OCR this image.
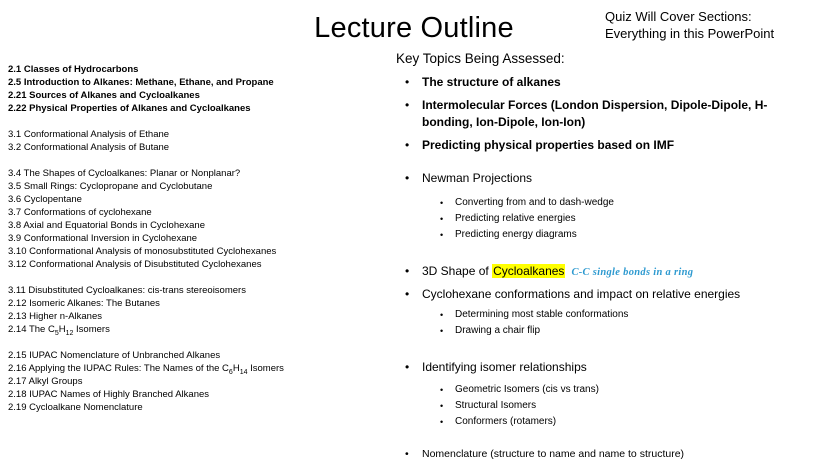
Lecture Outline	Quiz Will Cover Sections:
Everything in this PowerPoint
2.1 Classes of Hydrocarbons
2.5 Introduction to Alkanes: Methane, Ethane, and Propane
2.21 Sources of Alkanes and Cycloalkanes
2.22 Physical Properties of Alkanes and Cycloalkanes
3.1 Conformational Analysis of Ethane
3.2 Conformational Analysis of Butane
3.4 The Shapes of Cycloalkanes: Planar or Nonplanar?
3.5 Small Rings: Cyclopropane and Cyclobutane
3.6 Cyclopentane
3.7 Conformations of cyclohexane
3.8 Axial and Equatorial Bonds in Cyclohexane
3.9 Conformational Inversion in Cyclohexane
3.10 Conformational Analysis of monosubstituted Cyclohexanes
3.12 Conformational Analysis of Disubstituted Cyclohexanes
3.11 Disubstituted Cycloalkanes: cis-trans stereoisomers
2.12 Isomeric Alkanes: The Butanes
2.13 Higher n-Alkanes
2.14 The $C_5H_{12}$ Isomers
2.15 IUPAC Nomenclature of Unbranched Alkanes
2.16 Applying the IUPAC Rules: The Names of the $C_6H_{14}$ Isomers
2.17 Alkyl Groups
2.18 IUPAC Names of Highly Branched Alkanes
2.19 Cycloalkane Nomenclature
Key Topics Being Assessed:
•	The structure of alkanes
•	Intermolecular Forces (London Dispersion, Dipole-Dipole, H-bonding, Ion-Dipole, Ion-Ion)
•	Predicting physical properties based on IMF
•	Newman Projections
•	Converting from and to dash-wedge
•	Predicting relative energies
•	Predicting energy diagrams
•	3D Shape of Cycloalkanes C-C single bonds in a ring
•	Cyclohexane conformations and impact on relative energies
•	Determining most stable conformations
•	Drawing a chair flip
•	Identifying isomer relationships
•	Geometric Isomers (cis vs trans)
•	Structural Isomers
•	Conformers (rotamers)
•	Nomenclature (structure to name and name to structure)
